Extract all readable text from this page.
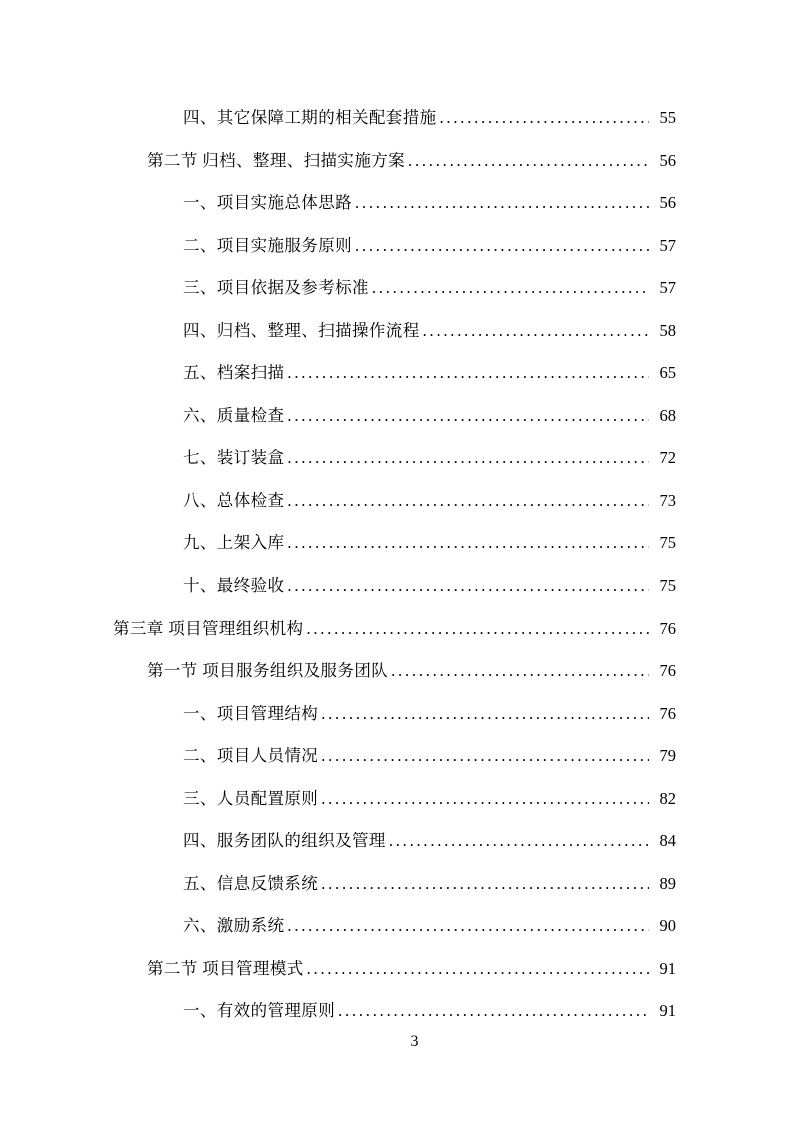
四、其它保障工期的相关配套措施 .....	55
第二节 归档、整理、扫描实施方案 .....	56
一、项目实施总体思路 .....	56
二、项目实施服务原则 .....	57
三、项目依据及参考标准 .....	57
四、归档、整理、扫描操作流程 .....	58
五、档案扫描 .....	65
六、质量检查 .....	68
七、装订装盒 .....	72
八、总体检查 .....	73
九、上架入库 .....	75
十、最终验收 .....	75
第三章 项目管理组织机构 .....	76
第一节 项目服务组织及服务团队 .....	76
一、项目管理结构 .....	76
二、项目人员情况 .....	79
三、人员配置原则 .....	82
四、服务团队的组织及管理 .....	84
五、信息反馈系统 .....	89
六、激励系统 .....	90
第二节 项目管理模式 .....	91
一、有效的管理原则 .....	91
3
